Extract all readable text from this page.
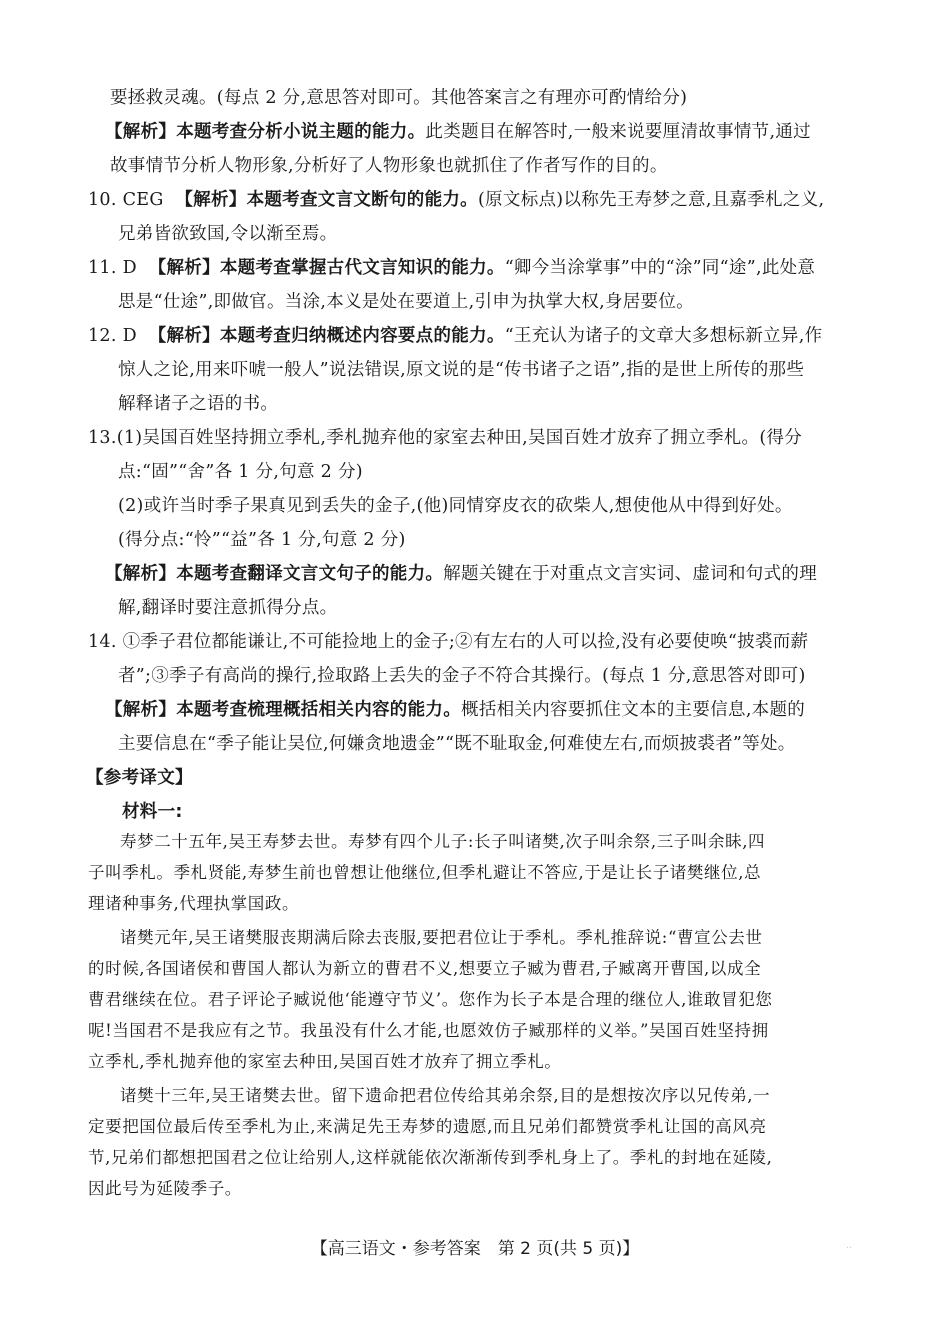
要拯救灵魂。(每点 2 分,意思答对即可。其他答案言之有理亦可酌情给分)
【解析】本题考查分析小说主题的能力。此类题目在解答时,一般来说要厘清故事情节,通过
故事情节分析人物形象,分析好了人物形象也就抓住了作者写作的目的。
10. CEG 【解析】本题考查文言文断句的能力。(原文标点)以称先王寿梦之意,且嘉季札之义,
兄弟皆欲致国,令以渐至焉。
11. D 【解析】本题考查掌握古代文言知识的能力。“卿今当涂掌事”中的“涂”同“途”,此处意
思是“仕途”,即做官。当涂,本义是处在要道上,引申为执掌大权,身居要位。
12. D 【解析】本题考查归纳概述内容要点的能力。“王充认为诸子的文章大多想标新立异,作
惊人之论,用来吓唬一般人”说法错误,原文说的是“传书诸子之语”,指的是世上所传的那些
解释诸子之语的书。
13.(1)吴国百姓坚持拥立季札,季札抛弃他的家室去种田,吴国百姓才放弃了拥立季札。(得分
点:“固”“舍”各 1 分,句意 2 分)
(2)或许当时季子果真见到丢失的金子,(他)同情穿皮衣的砍柴人,想使他从中得到好处。
(得分点:“怜”“益”各 1 分,句意 2 分)
【解析】本题考查翻译文言文句子的能力。解题关键在于对重点文言实词、虚词和句式的理
解,翻译时要注意抓得分点。
14. ①季子君位都能谦让,不可能捡地上的金子;②有左右的人可以捡,没有必要使唤“披裘而薪
者”;③季子有高尚的操行,捡取路上丢失的金子不符合其操行。(每点 1 分,意思答对即可)
【解析】本题考查梳理概括相关内容的能力。概括相关内容要抓住文本的主要信息,本题的
主要信息在“季子能让吴位,何嫌贪地遗金”“既不耻取金,何难使左右,而烦披裘者”等处。
【参考译文】
材料一:
寿梦二十五年,吴王寿梦去世。寿梦有四个儿子:长子叫诸樊,次子叫余祭,三子叫余眛,四
子叫季札。季札贤能,寿梦生前也曾想让他继位,但季札避让不答应,于是让长子诸樊继位,总
理诸种事务,代理执掌国政。
诸樊元年,吴王诸樊服丧期满后除去丧服,要把君位让于季札。季札推辞说:“曹宣公去世
的时候,各国诸侯和曹国人都认为新立的曹君不义,想要立子臧为曹君,子臧离开曹国,以成全
曹君继续在位。君子评论子臧说他‘能遵守节义’。您作为长子本是合理的继位人,谁敢冒犯您
呢!当国君不是我应有之节。我虽没有什么才能,也愿效仿子臧那样的义举。”吴国百姓坚持拥
立季札,季札抛弃他的家室去种田,吴国百姓才放弃了拥立季札。
诸樊十三年,吴王诸樊去世。留下遗命把君位传给其弟余祭,目的是想按次序以兄传弟,一
定要把国位最后传至季札为止,来满足先王寿梦的遗愿,而且兄弟们都赞赏季札让国的高风亮
节,兄弟们都想把国君之位让给别人,这样就能依次渐渐传到季札身上了。季札的封地在延陵,
因此号为延陵季子。
【高三语文・参考答案　第 2 页(共 5 页)】	‥
